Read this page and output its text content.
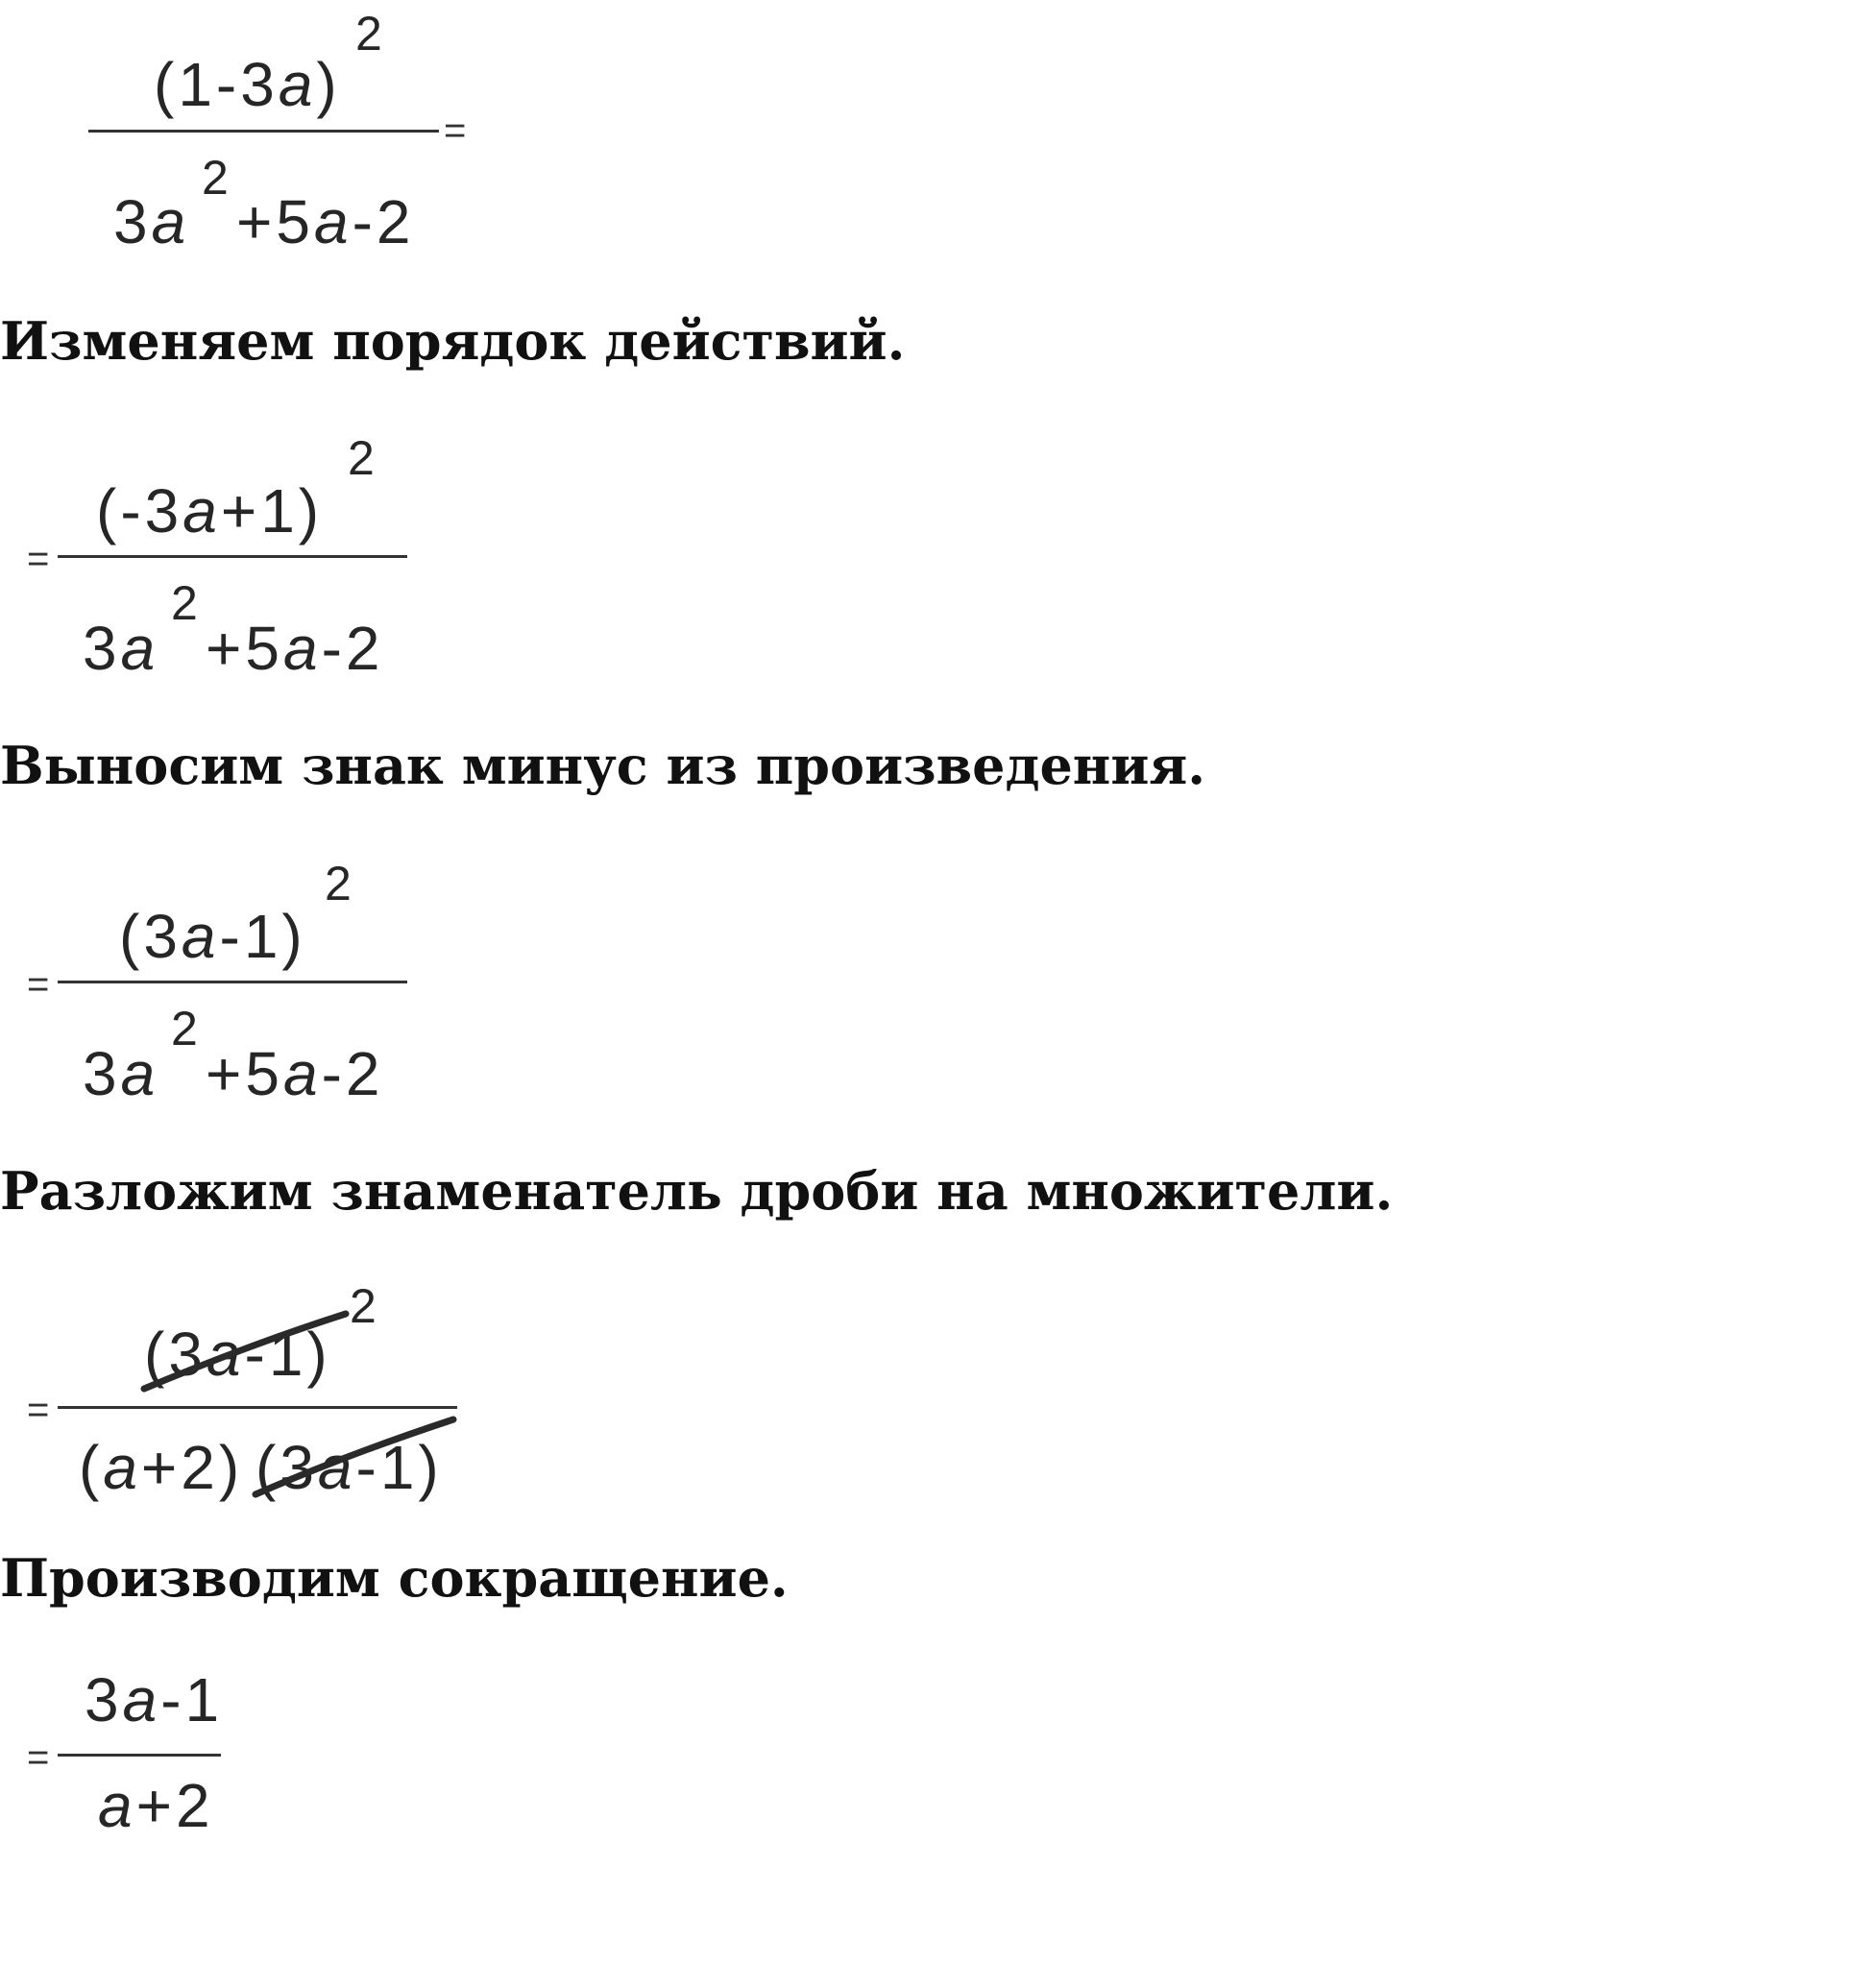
(1-3a)
2
=
3a
2
+5a-2
Изменяем порядок действий.
=
(-3a+1)
2
3a
2
+5a-2
Выносим знак минус из произведения.
=
(3a-1)
2
3a
2
+5a-2
Разложим знаменатель дроби на множители.
=
(3a-1)
2
(a+2) (3a-1)
Производим сокращение.
=
3a-1
a+2
